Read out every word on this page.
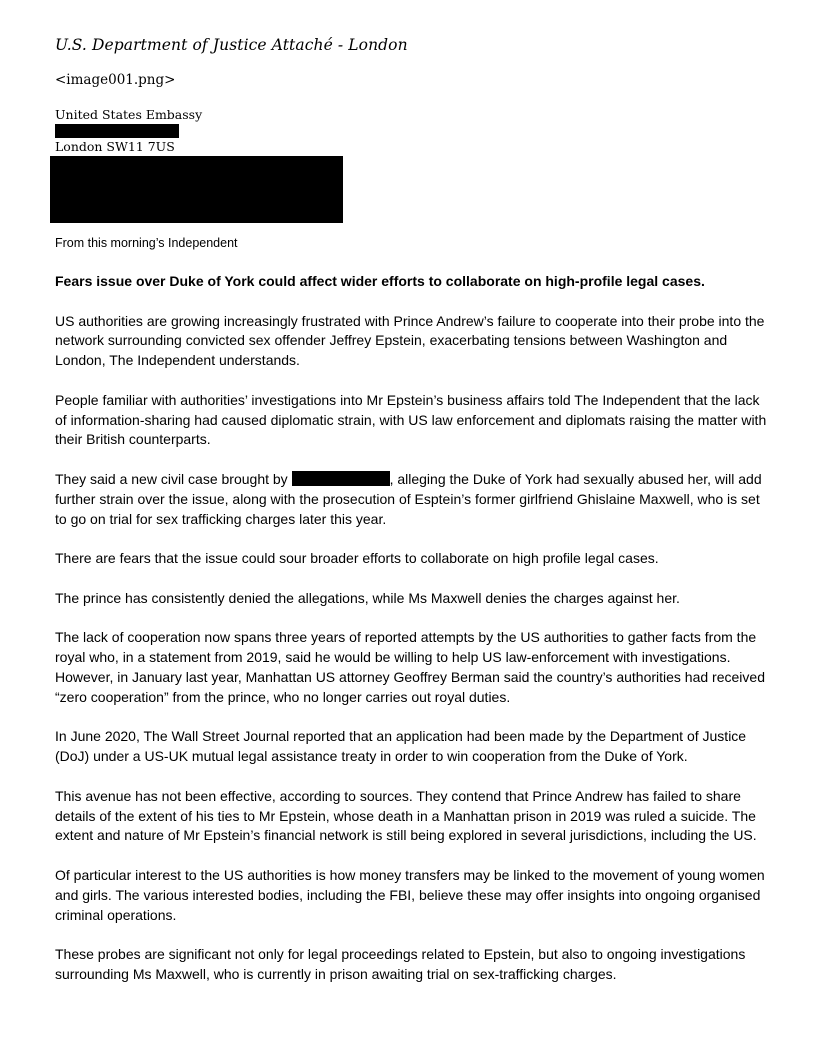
U.S. Department of Justice Attaché - London
<image001.png>
United States Embassy
London SW11 7US
From this morning’s Independent

Fears issue over Duke of York could affect wider efforts to collaborate on high-profile legal cases.

US authorities are growing increasingly frustrated with Prince Andrew’s failure to cooperate into their probe into the network surrounding convicted sex offender Jeffrey Epstein, exacerbating tensions between Washington and London, The Independent understands.

People familiar with authorities’ investigations into Mr Epstein’s business affairs told The Independent that the lack of information-sharing had caused diplomatic strain, with US law enforcement and diplomats raising the matter with their British counterparts.

They said a new civil case brought by	, alleging the Duke of York had sexually abused her, will add further strain over the issue, along with the prosecution of Esptein’s former girlfriend Ghislaine Maxwell, who is set to go on trial for sex trafficking charges later this year.

There are fears that the issue could sour broader efforts to collaborate on high profile legal cases.

The prince has consistently denied the allegations, while Ms Maxwell denies the charges against her.

The lack of cooperation now spans three years of reported attempts by the US authorities to gather facts from the royal who, in a statement from 2019, said he would be willing to help US law-enforcement with investigations. However, in January last year, Manhattan US attorney Geoffrey Berman said the country’s authorities had received “zero cooperation” from the prince, who no longer carries out royal duties.

In June 2020, The Wall Street Journal reported that an application had been made by the Department of Justice (DoJ) under a US-UK mutual legal assistance treaty in order to win cooperation from the Duke of York.

This avenue has not been effective, according to sources. They contend that Prince Andrew has failed to share details of the extent of his ties to Mr Epstein, whose death in a Manhattan prison in 2019 was ruled a suicide. The extent and nature of Mr Epstein’s financial network is still being explored in several jurisdictions, including the US.

Of particular interest to the US authorities is how money transfers may be linked to the movement of young women and girls. The various interested bodies, including the FBI, believe these may offer insights into ongoing organised criminal operations.

These probes are significant not only for legal proceedings related to Epstein, but also to ongoing investigations surrounding Ms Maxwell, who is currently in prison awaiting trial on sex-trafficking charges.
